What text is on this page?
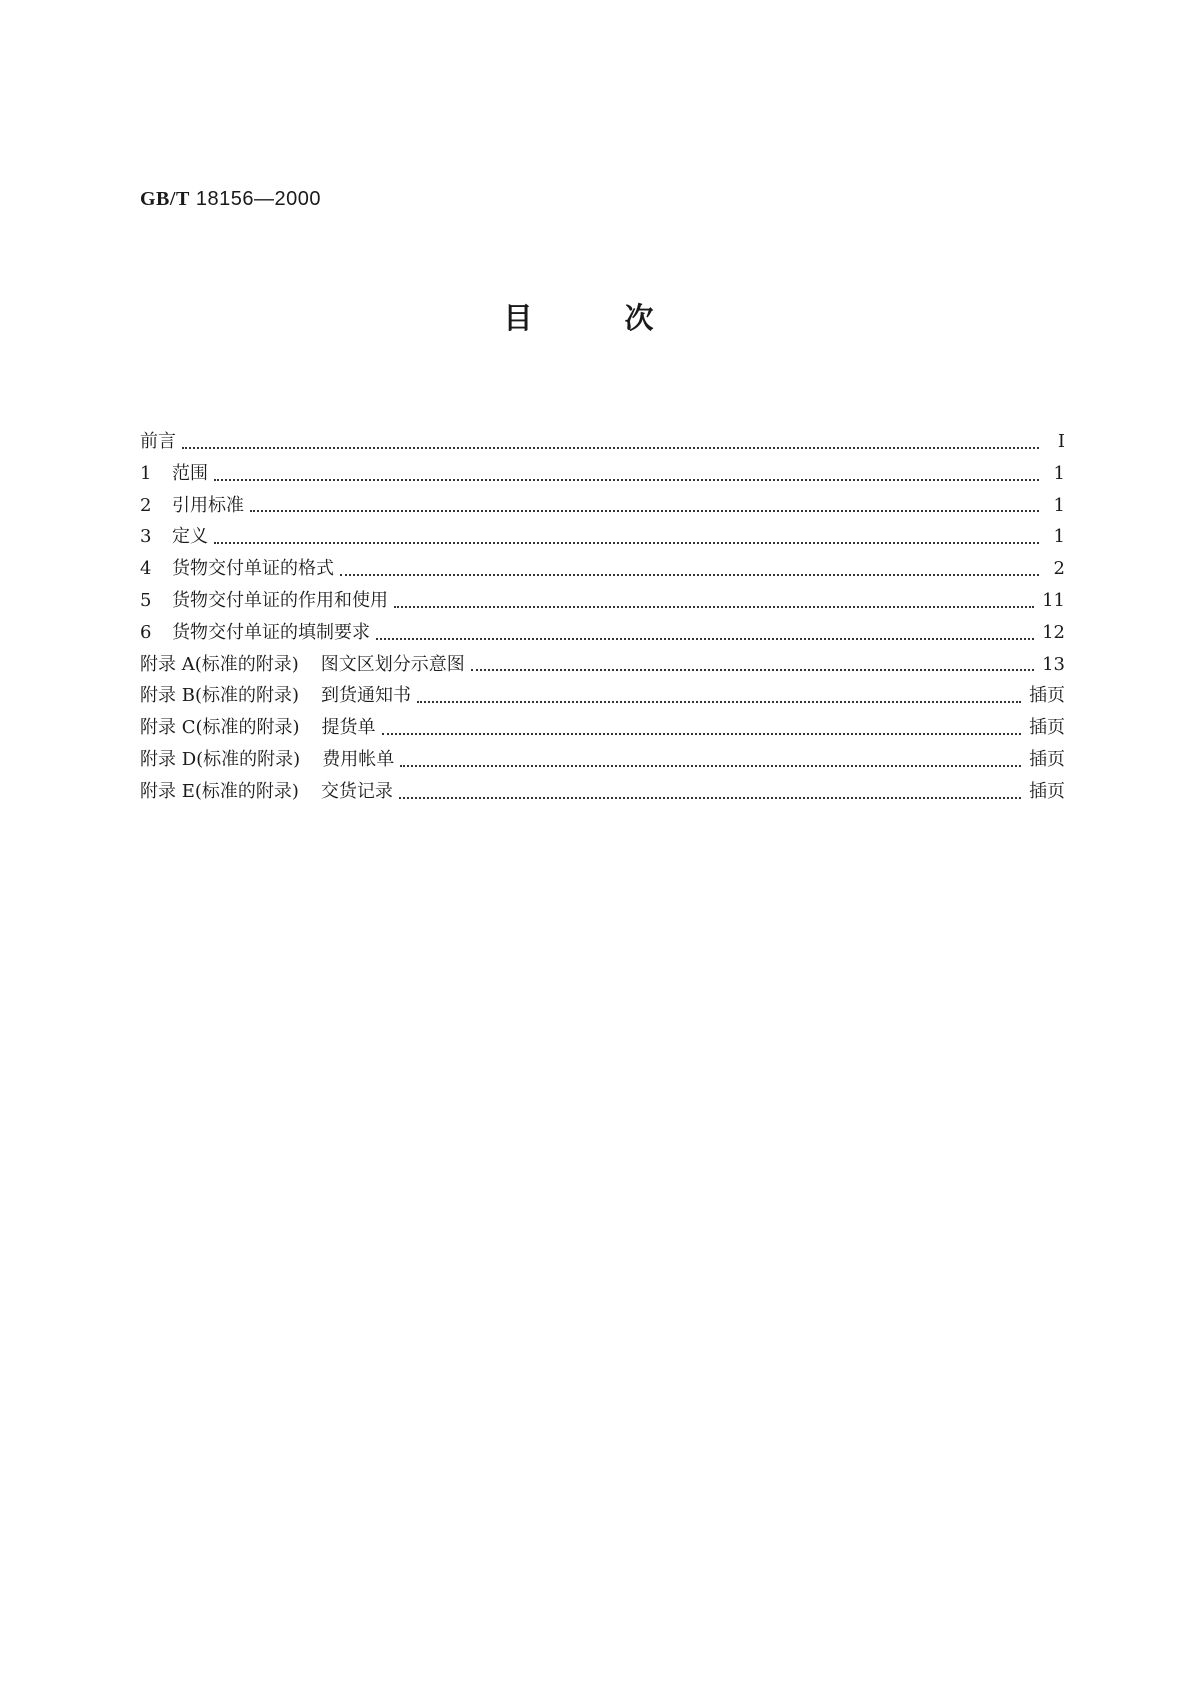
GB/T 18156—2000
目次
前言	Ⅰ
1	范围	1
2	引用标准	1
3	定义	1
4	货物交付单证的格式	2
5	货物交付单证的作用和使用	11
6	货物交付单证的填制要求	12
附录 A(标准的附录) 图文区划分示意图	13
附录 B(标准的附录) 到货通知书	插页
附录 C(标准的附录) 提货单	插页
附录 D(标准的附录) 费用帐单	插页
附录 E(标准的附录) 交货记录	插页
